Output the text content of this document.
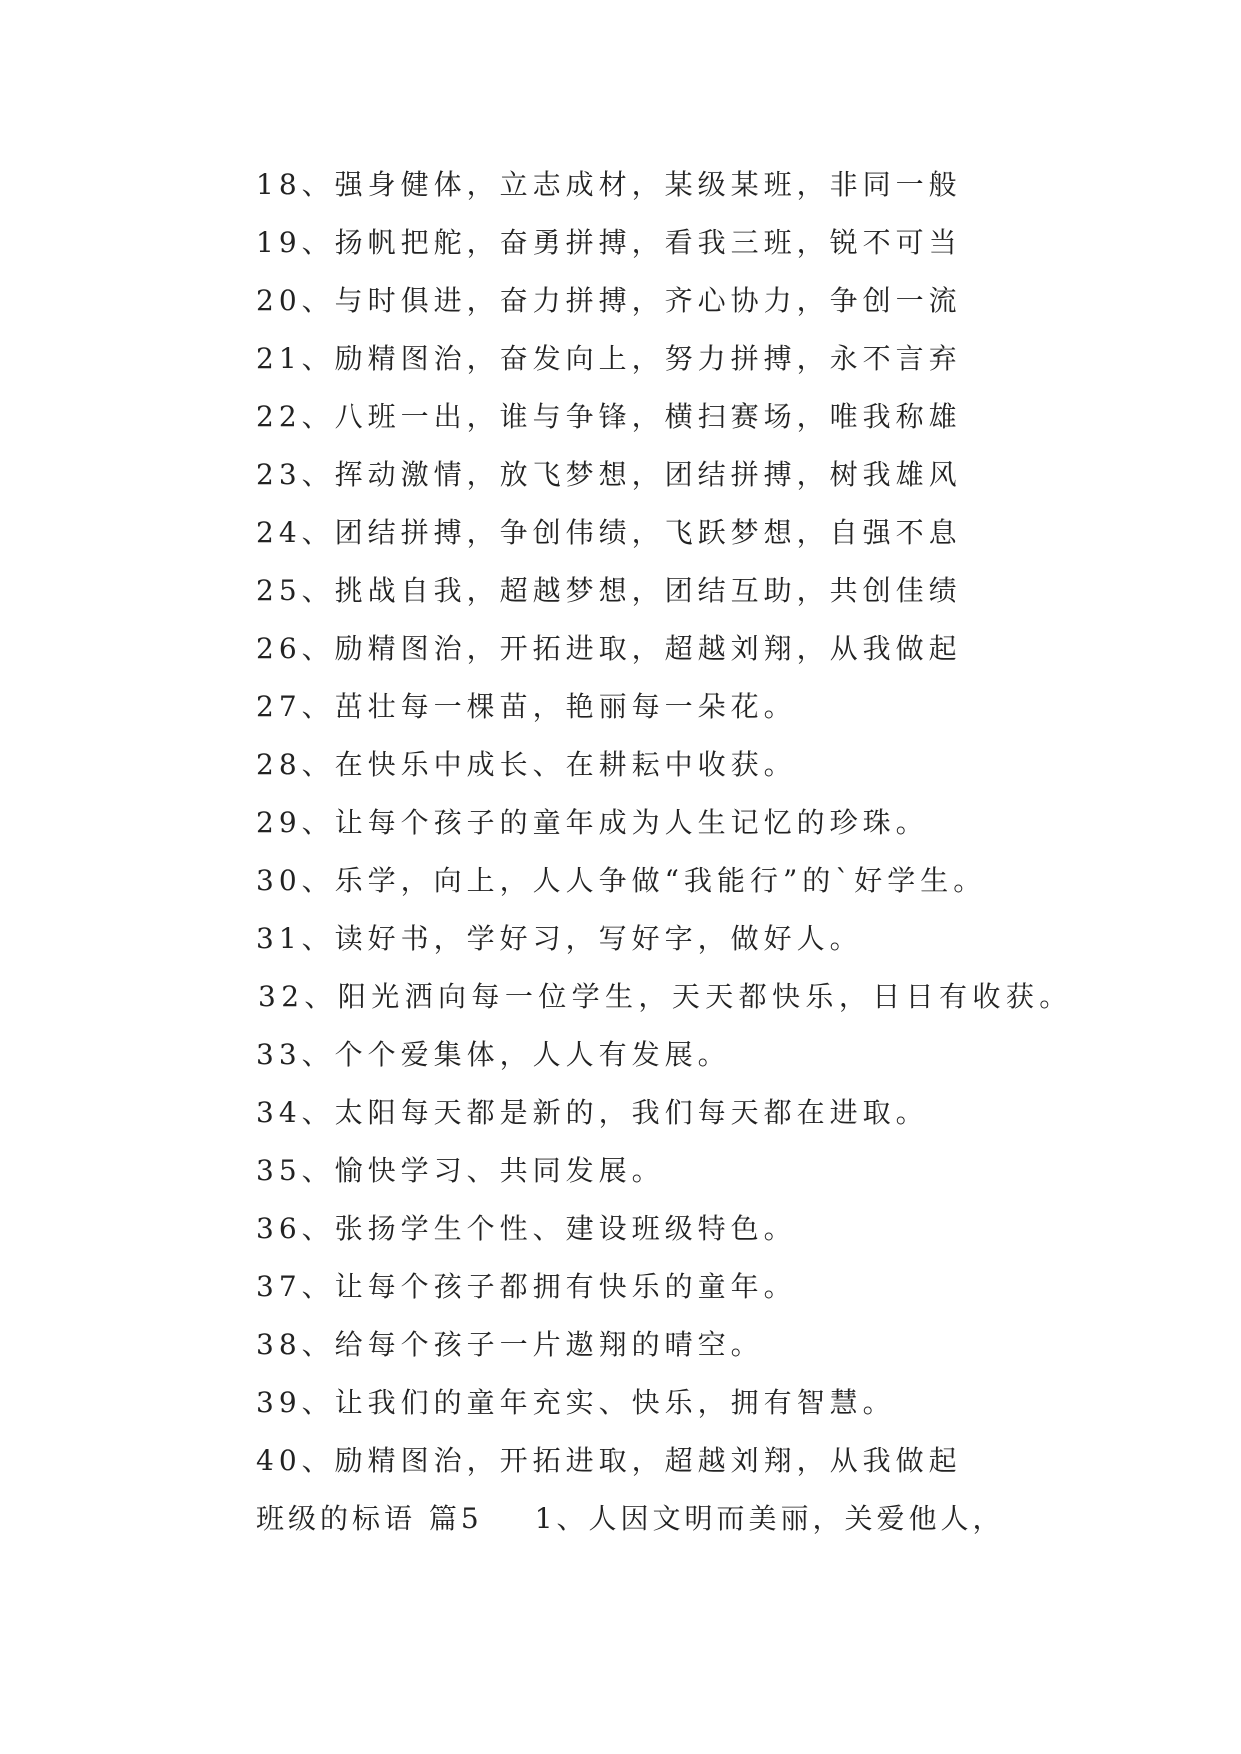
18、强身健体，立志成材，某级某班，非同一般
19、扬帆把舵，奋勇拼搏，看我三班，锐不可当
20、与时俱进，奋力拼搏，齐心协力，争创一流
21、励精图治，奋发向上，努力拼搏，永不言弃
22、八班一出，谁与争锋，横扫赛场，唯我称雄
23、挥动激情，放飞梦想，团结拼搏，树我雄风
24、团结拼搏，争创伟绩，飞跃梦想，自强不息
25、挑战自我，超越梦想，团结互助，共创佳绩
26、励精图治，开拓进取，超越刘翔，从我做起
27、茁壮每一棵苗，艳丽每一朵花。
28、在快乐中成长、在耕耘中收获。
29、让每个孩子的童年成为人生记忆的珍珠。
30、乐学，向上，人人争做“我能行”的`好学生。
31、读好书，学好习，写好字，做好人。
32、阳光洒向每一位学生，天天都快乐，日日有收获。
33、个个爱集体，人人有发展。
34、太阳每天都是新的，我们每天都在进取。
35、愉快学习、共同发展。
36、张扬学生个性、建设班级特色。
37、让每个孩子都拥有快乐的童年。
38、给每个孩子一片遨翔的晴空。
39、让我们的童年充实、快乐，拥有智慧。
40、励精图治，开拓进取，超越刘翔，从我做起
班级的标语 篇5 1、人因文明而美丽，关爱他人，
